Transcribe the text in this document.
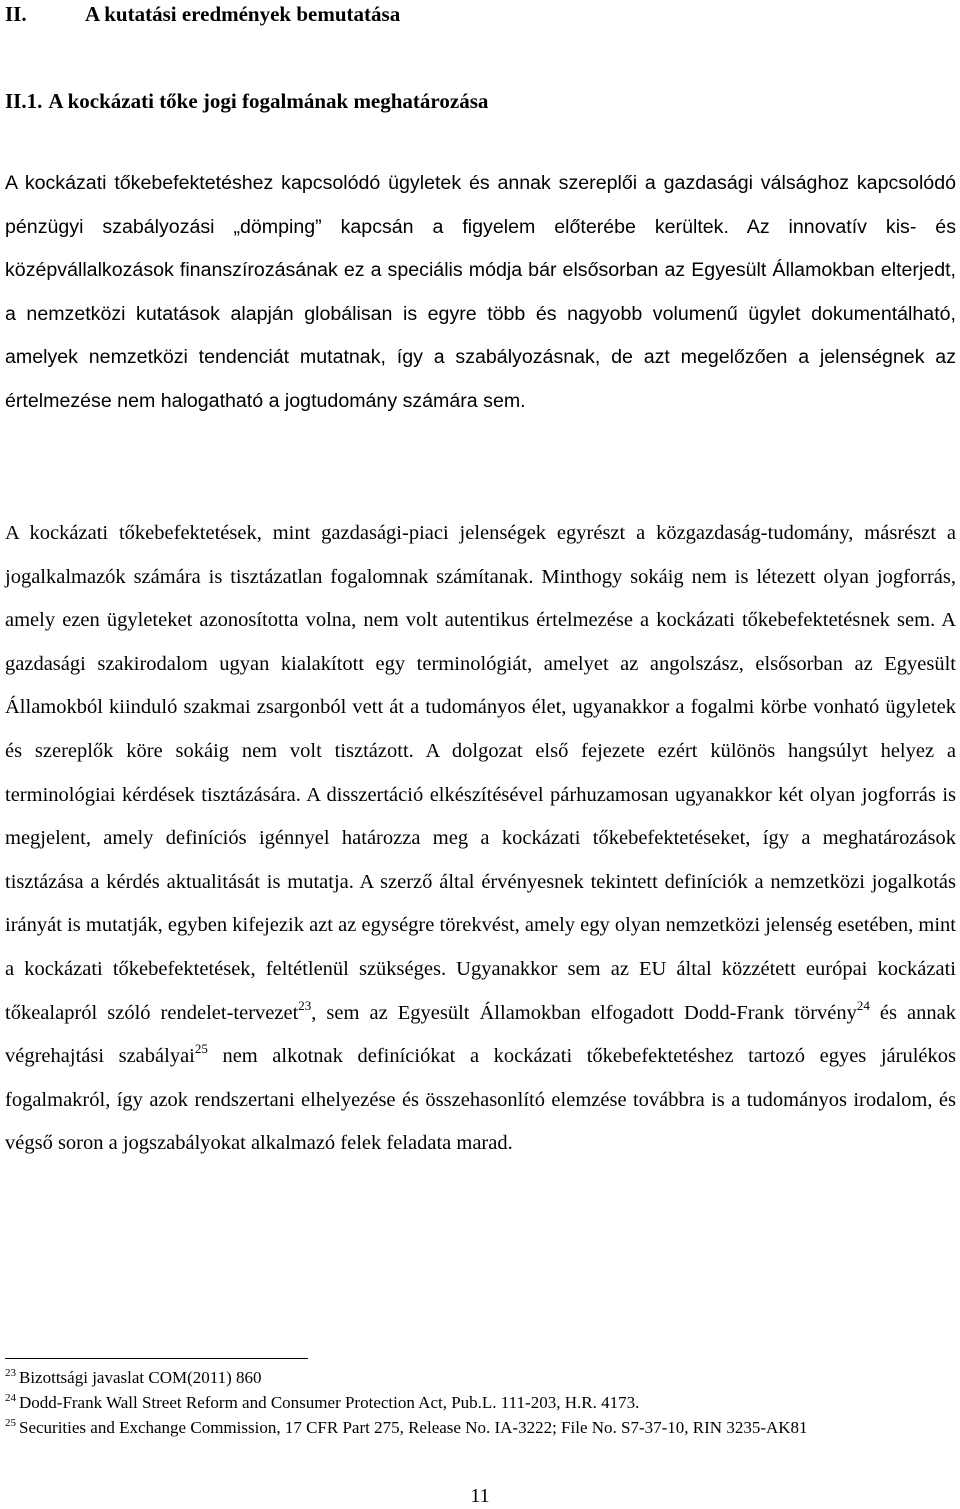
II.	A kutatási eredmények bemutatása
II.1. A kockázati tőke jogi fogalmának meghatározása

A kockázati tőkebefektetéshez kapcsolódó ügyletek és annak szereplői a gazdasági válsághoz kapcsolódó pénzügyi szabályozási „dömping” kapcsán a figyelem előterébe kerültek. Az innovatív kis- és középvállalkozások finanszírozásának ez a speciális módja bár elsősorban az Egyesült Államokban elterjedt, a nemzetközi kutatások alapján globálisan is egyre több és nagyobb volumenű ügylet dokumentálható, amelyek nemzetközi tendenciát mutatnak, így a szabályozásnak, de azt megelőzően a jelenségnek az értelmezése nem halogatható a jogtudomány számára sem.

A kockázati tőkebefektetések, mint gazdasági-piaci jelenségek egyrészt a közgazdaság-tudomány, másrészt a jogalkalmazók számára is tisztázatlan fogalomnak számítanak. Minthogy sokáig nem is létezett olyan jogforrás, amely ezen ügyleteket azonosította volna, nem volt autentikus értelmezése a kockázati tőkebefektetésnek sem. A gazdasági szakirodalom ugyan kialakított egy terminológiát, amelyet az angolszász, elsősorban az Egyesült Államokból kiinduló szakmai zsargonból vett át a tudományos élet, ugyanakkor a fogalmi körbe vonható ügyletek és szereplők köre sokáig nem volt tisztázott. A dolgozat első fejezete ezért különös hangsúlyt helyez a terminológiai kérdések tisztázására. A disszertáció elkészítésével párhuzamosan ugyanakkor két olyan jogforrás is megjelent, amely definíciós igénnyel határozza meg a kockázati tőkebefektetéseket, így a meghatározások tisztázása a kérdés aktualitását is mutatja. A szerző által érvényesnek tekintett definíciók a nemzetközi jogalkotás irányát is mutatják, egyben kifejezik azt az egységre törekvést, amely egy olyan nemzetközi jelenség esetében, mint a kockázati tőkebefektetések, feltétlenül szükséges. Ugyanakkor sem az EU által közzétett európai kockázati tőkealapról szóló rendelet-tervezet$^{23}$, sem az Egyesült Államokban elfogadott Dodd-Frank törvény$^{24}$ és annak végrehajtási szabályai$^{25}$ nem alkotnak definíciókat a kockázati tőkebefektetéshez tartozó egyes járulékos fogalmakról, így azok rendszertani elhelyezése és összehasonlító elemzése továbbra is a tudományos irodalom, és végső soron a jogszabályokat alkalmazó felek feladata marad.

$^{23}$ Bizottsági javaslat COM(2011) 860

$^{24}$ Dodd-Frank Wall Street Reform and Consumer Protection Act, Pub.L. 111-203, H.R. 4173.

$^{25}$ Securities and Exchange Commission, 17 CFR Part 275, Release No. IA-3222; File No. S7-37-10, RIN 3235-AK81

11
